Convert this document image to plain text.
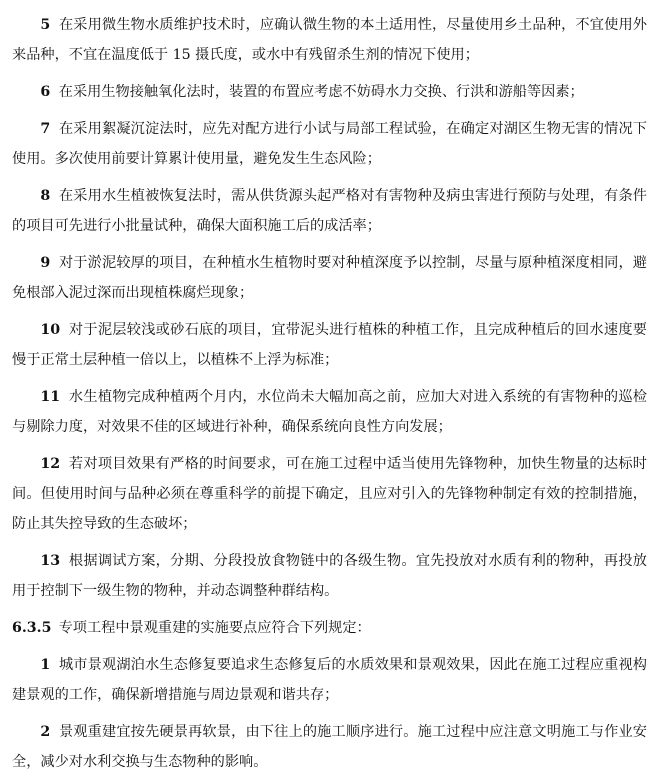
5 在采用微生物水质维护技术时，应确认微生物的本土适用性，尽量使用乡土品种，不宜使用外来品种，不宜在温度低于 15 摄氏度，或水中有残留杀生剂的情况下使用；

6 在采用生物接触氧化法时，装置的布置应考虑不妨碍水力交换、行洪和游船等因素；

7 在采用絮凝沉淀法时，应先对配方进行小试与局部工程试验，在确定对湖区生物无害的情况下使用。多次使用前要计算累计使用量，避免发生生态风险；

8 在采用水生植被恢复法时，需从供货源头起严格对有害物种及病虫害进行预防与处理，有条件的项目可先进行小批量试种，确保大面积施工后的成活率；

9 对于淤泥较厚的项目，在种植水生植物时要对种植深度予以控制，尽量与原种植深度相同，避免根部入泥过深而出现植株腐烂现象；

10 对于泥层较浅或砂石底的项目，宜带泥头进行植株的种植工作，且完成种植后的回水速度要慢于正常土层种植一倍以上，以植株不上浮为标准；

11 水生植物完成种植两个月内，水位尚未大幅加高之前，应加大对进入系统的有害物种的巡检与剔除力度，对效果不佳的区域进行补种，确保系统向良性方向发展；

12 若对项目效果有严格的时间要求，可在施工过程中适当使用先锋物种，加快生物量的达标时间。但使用时间与品种必须在尊重科学的前提下确定，且应对引入的先锋物种制定有效的控制措施，防止其失控导致的生态破坏；

13 根据调试方案，分期、分段投放食物链中的各级生物。宜先投放对水质有利的物种，再投放用于控制下一级生物的物种，并动态调整种群结构。

6.3.5 专项工程中景观重建的实施要点应符合下列规定：

1 城市景观湖泊水生态修复要追求生态修复后的水质效果和景观效果，因此在施工过程应重视构建景观的工作，确保新增措施与周边景观和谐共存；

2 景观重建宜按先硬景再软景，由下往上的施工顺序进行。施工过程中应注意文明施工与作业安全，减少对水利交换与生态物种的影响。
